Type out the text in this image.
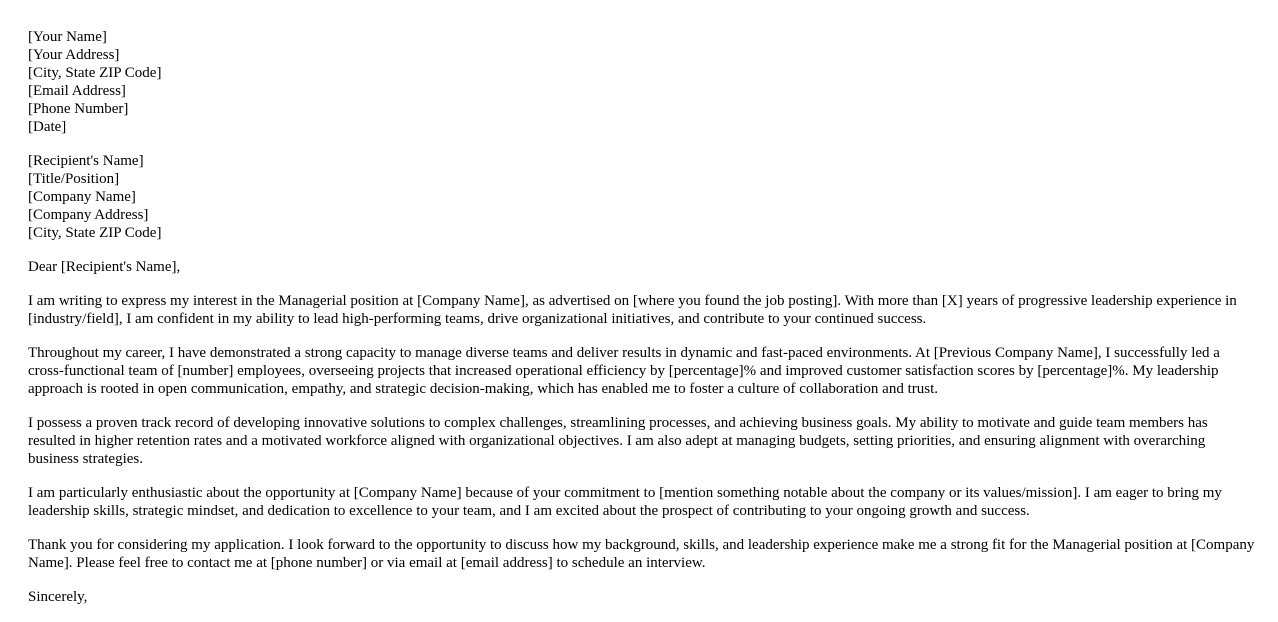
[Your Name]
[Your Address]
[City, State ZIP Code]
[Email Address]
[Phone Number]
[Date]
[Recipient's Name]
[Title/Position]
[Company Name]
[Company Address]
[City, State ZIP Code]

Dear [Recipient's Name],

I am writing to express my interest in the Managerial position at [Company Name], as advertised on [where you found the job posting]. With more than [X] years of progressive leadership experience in [industry/field], I am confident in my ability to lead high-performing teams, drive organizational initiatives, and contribute to your continued success.

Throughout my career, I have demonstrated a strong capacity to manage diverse teams and deliver results in dynamic and fast-paced environments. At [Previous Company Name], I successfully led a cross-functional team of [number] employees, overseeing projects that increased operational efficiency by [percentage]% and improved customer satisfaction scores by [percentage]%. My leadership approach is rooted in open communication, empathy, and strategic decision-making, which has enabled me to foster a culture of collaboration and trust.

I possess a proven track record of developing innovative solutions to complex challenges, streamlining processes, and achieving business goals. My ability to motivate and guide team members has resulted in higher retention rates and a motivated workforce aligned with organizational objectives. I am also adept at managing budgets, setting priorities, and ensuring alignment with overarching business strategies.

I am particularly enthusiastic about the opportunity at [Company Name] because of your commitment to [mention something notable about the company or its values/mission]. I am eager to bring my leadership skills, strategic mindset, and dedication to excellence to your team, and I am excited about the prospect of contributing to your ongoing growth and success.

Thank you for considering my application. I look forward to the opportunity to discuss how my background, skills, and leadership experience make me a strong fit for the Managerial position at [Company Name]. Please feel free to contact me at [phone number] or via email at [email address] to schedule an interview.

Sincerely,
